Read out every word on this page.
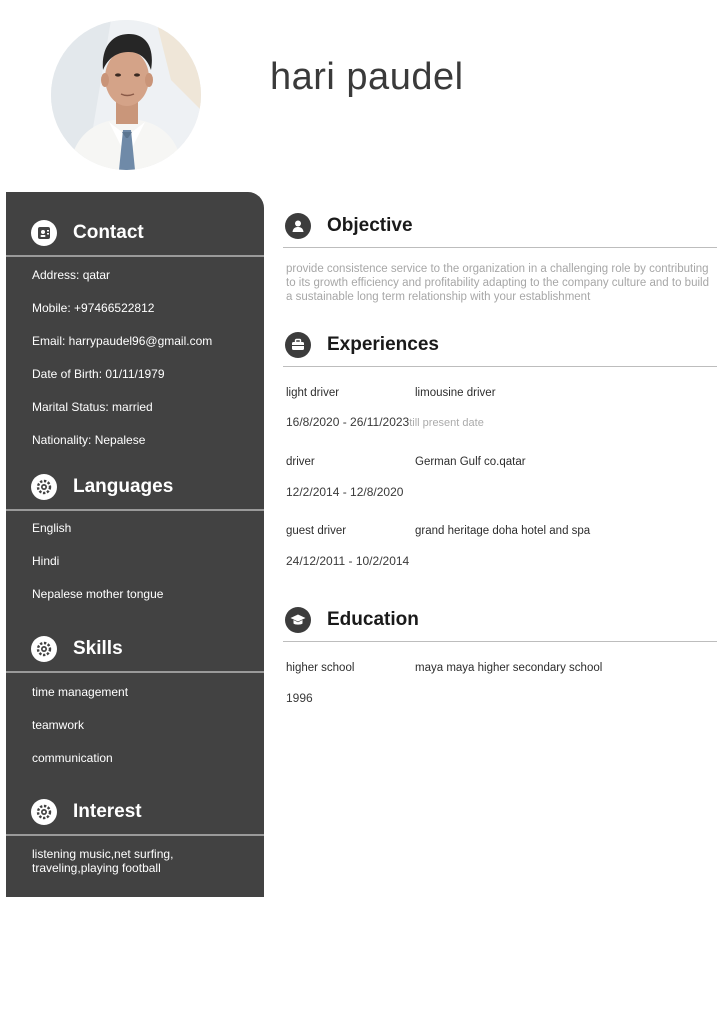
hari paudel
Contact
Address: qatar
Mobile: +97466522812
Email: harrypaudel96@gmail.com
Date of Birth: 01/11/1979
Marital Status: married
Nationality: Nepalese
Languages
English
Hindi
Nepalese mother tongue
Skills
time management
teamwork
communication
Interest
listening music,net surfing, traveling,playing football
Objective
provide consistence service to the organization in a challenging role by contributing to its growth efficiency and profitability adapting to the company culture and to build a sustainable long term relationship with your establishment
Experiences
light driver	limousine driver
16/8/2020 - 26/11/2023till present date
driver	German Gulf co.qatar
12/2/2014 - 12/8/2020
guest driver	grand heritage doha hotel and spa
24/12/2011 - 10/2/2014
Education
higher school	maya maya higher secondary school
1996
